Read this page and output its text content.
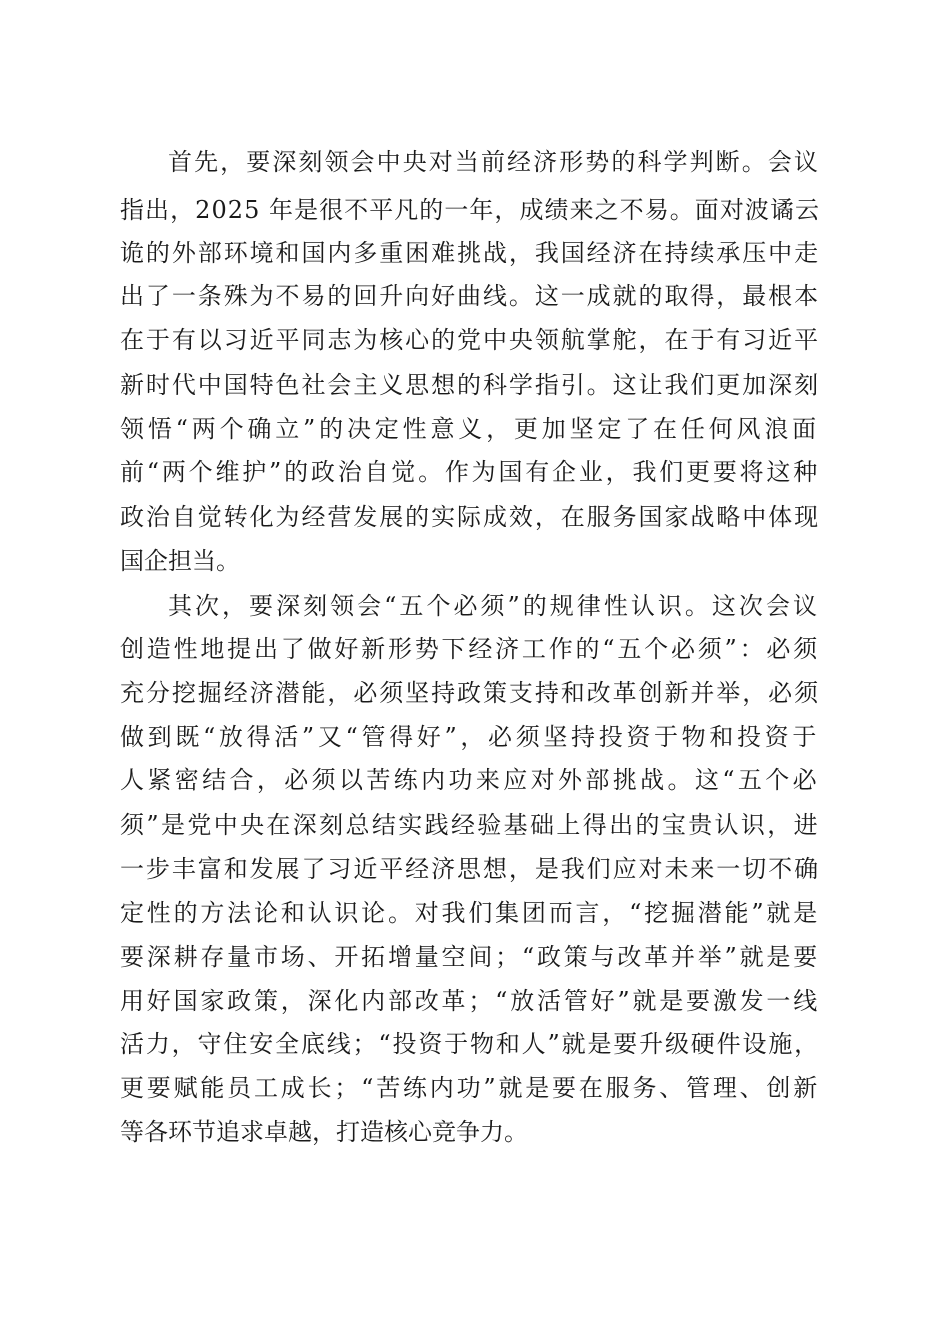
首先，要深刻领会中央对当前经济形势的科学判断。会议
指出，2025 年是很不平凡的一年，成绩来之不易。面对波谲云
诡的外部环境和国内多重困难挑战，我国经济在持续承压中走
出了一条殊为不易的回升向好曲线。这一成就的取得，最根本
在于有以习近平同志为核心的党中央领航掌舵，在于有习近平
新时代中国特色社会主义思想的科学指引。这让我们更加深刻
领悟“两个确立”的决定性意义，更加坚定了在任何风浪面
前“两个维护”的政治自觉。作为国有企业，我们更要将这种
政治自觉转化为经营发展的实际成效，在服务国家战略中体现
国企担当。
其次，要深刻领会“五个必须”的规律性认识。这次会议
创造性地提出了做好新形势下经济工作的“五个必须”：必须
充分挖掘经济潜能，必须坚持政策支持和改革创新并举，必须
做到既“放得活”又“管得好”，必须坚持投资于物和投资于
人紧密结合，必须以苦练内功来应对外部挑战。这“五个必
须”是党中央在深刻总结实践经验基础上得出的宝贵认识，进
一步丰富和发展了习近平经济思想，是我们应对未来一切不确
定性的方法论和认识论。对我们集团而言，“挖掘潜能”就是
要深耕存量市场、开拓增量空间；“政策与改革并举”就是要
用好国家政策，深化内部改革；“放活管好”就是要激发一线
活力，守住安全底线；“投资于物和人”就是要升级硬件设施，
更要赋能员工成长；“苦练内功”就是要在服务、管理、创新
等各环节追求卓越，打造核心竞争力。
